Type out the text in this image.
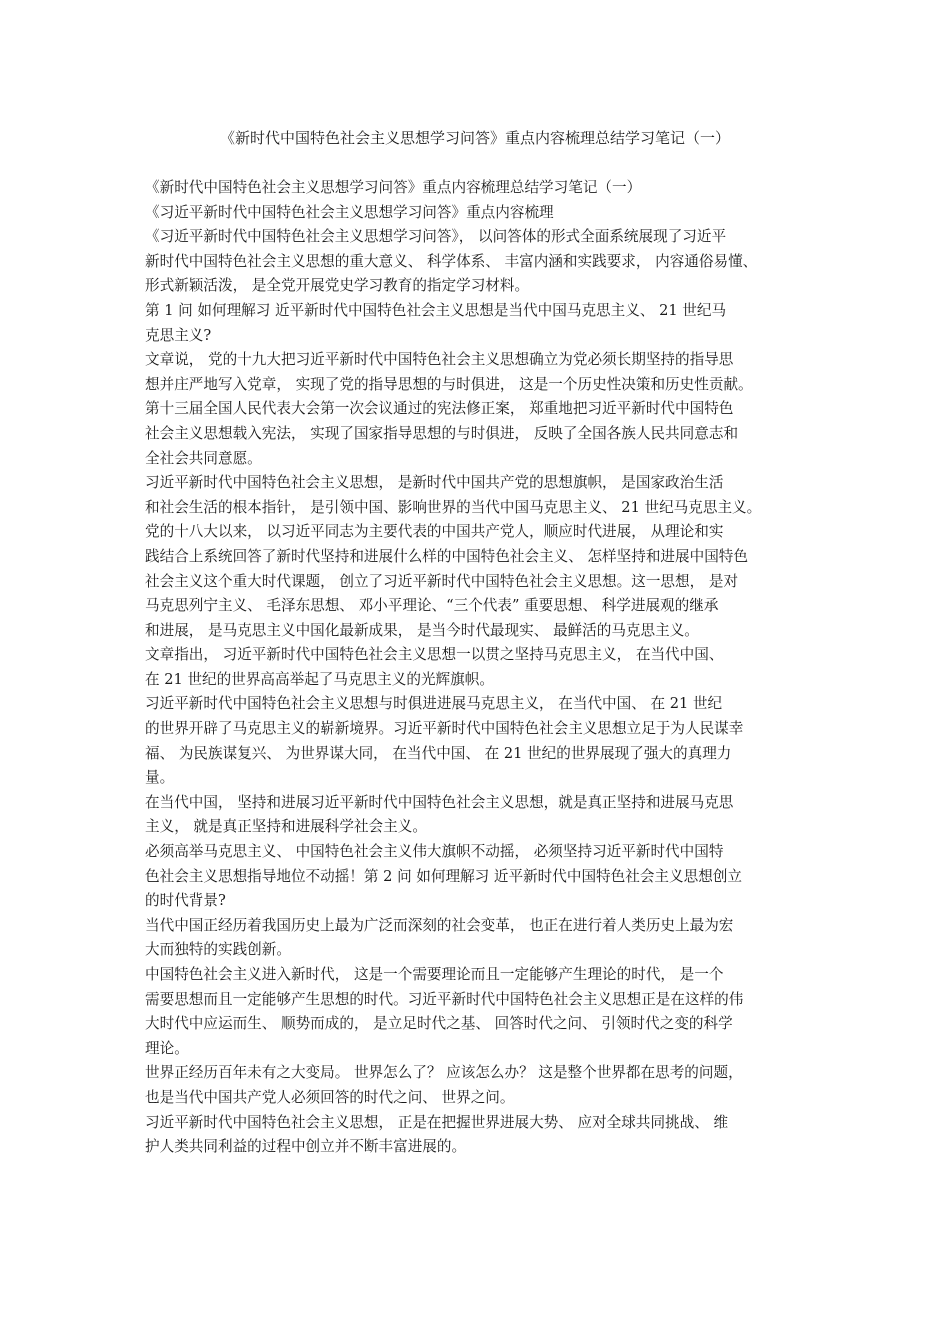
《新时代中国特色社会主义思想学习问答》重点内容梳理总结学习笔记（一）

《新时代中国特色社会主义思想学习问答》重点内容梳理总结学习笔记（一）

《习近平新时代中国特色社会主义思想学习问答》重点内容梳理

《习近平新时代中国特色社会主义思想学习问答》， 以问答体的形式全面系统展现了习近平

新时代中国特色社会主义思想的重大意义、 科学体系、 丰富内涵和实践要求， 内容通俗易懂、

形式新颖活泼， 是全党开展党史学习教育的指定学习材料。

第 1 问 如何理解习 近平新时代中国特色社会主义思想是当代中国马克思主义、 21 世纪马

克思主义?

文章说， 党的十九大把习近平新时代中国特色社会主义思想确立为党必须长期坚持的指导思

想并庄严地写入党章， 实现了党的指导思想的与时俱进， 这是一个历史性决策和历史性贡献。

第十三届全国人民代表大会第一次会议通过的宪法修正案， 郑重地把习近平新时代中国特色

社会主义思想载入宪法， 实现了国家指导思想的与时俱进， 反映了全国各族人民共同意志和

全社会共同意愿。

习近平新时代中国特色社会主义思想， 是新时代中国共产党的思想旗帜， 是国家政治生活

和社会生活的根本指针， 是引领中国、影响世界的当代中国马克思主义、 21 世纪马克思主义。

党的十八大以来， 以习近平同志为主要代表的中国共产党人，顺应时代进展， 从理论和实

践结合上系统回答了新时代坚持和进展什么样的中国特色社会主义、 怎样坚持和进展中国特色

社会主义这个重大时代课题， 创立了习近平新时代中国特色社会主义思想。这一思想， 是对

马克思列宁主义、 毛泽东思想、 邓小平理论、“三个代表” 重要思想、 科学进展观的继承

和进展， 是马克思主义中国化最新成果， 是当今时代最现实、 最鲜活的马克思主义。

文章指出， 习近平新时代中国特色社会主义思想一以贯之坚持马克思主义， 在当代中国、

在 21 世纪的世界高高举起了马克思主义的光辉旗帜。

习近平新时代中国特色社会主义思想与时俱进进展马克思主义， 在当代中国、 在 21 世纪

的世界开辟了马克思主义的崭新境界。习近平新时代中国特色社会主义思想立足于为人民谋幸

福、 为民族谋复兴、 为世界谋大同， 在当代中国、 在 21 世纪的世界展现了强大的真理力

量。

在当代中国， 坚持和进展习近平新时代中国特色社会主义思想，就是真正坚持和进展马克思

主义， 就是真正坚持和进展科学社会主义。

必须高举马克思主义、 中国特色社会主义伟大旗帜不动摇， 必须坚持习近平新时代中国特

色社会主义思想指导地位不动摇！第 2 问 如何理解习 近平新时代中国特色社会主义思想创立

的时代背景?

当代中国正经历着我国历史上最为广泛而深刻的社会变革， 也正在进行着人类历史上最为宏

大而独特的实践创新。

中国特色社会主义进入新时代， 这是一个需要理论而且一定能够产生理论的时代， 是一个

需要思想而且一定能够产生思想的时代。习近平新时代中国特色社会主义思想正是在这样的伟

大时代中应运而生、 顺势而成的， 是立足时代之基、 回答时代之问、 引领时代之变的科学

理论。

世界正经历百年未有之大变局。 世界怎么了？ 应该怎么办？ 这是整个世界都在思考的问题，

也是当代中国共产党人必须回答的时代之问、 世界之问。

习近平新时代中国特色社会主义思想， 正是在把握世界进展大势、 应对全球共同挑战、 维

护人类共同利益的过程中创立并不断丰富进展的。
